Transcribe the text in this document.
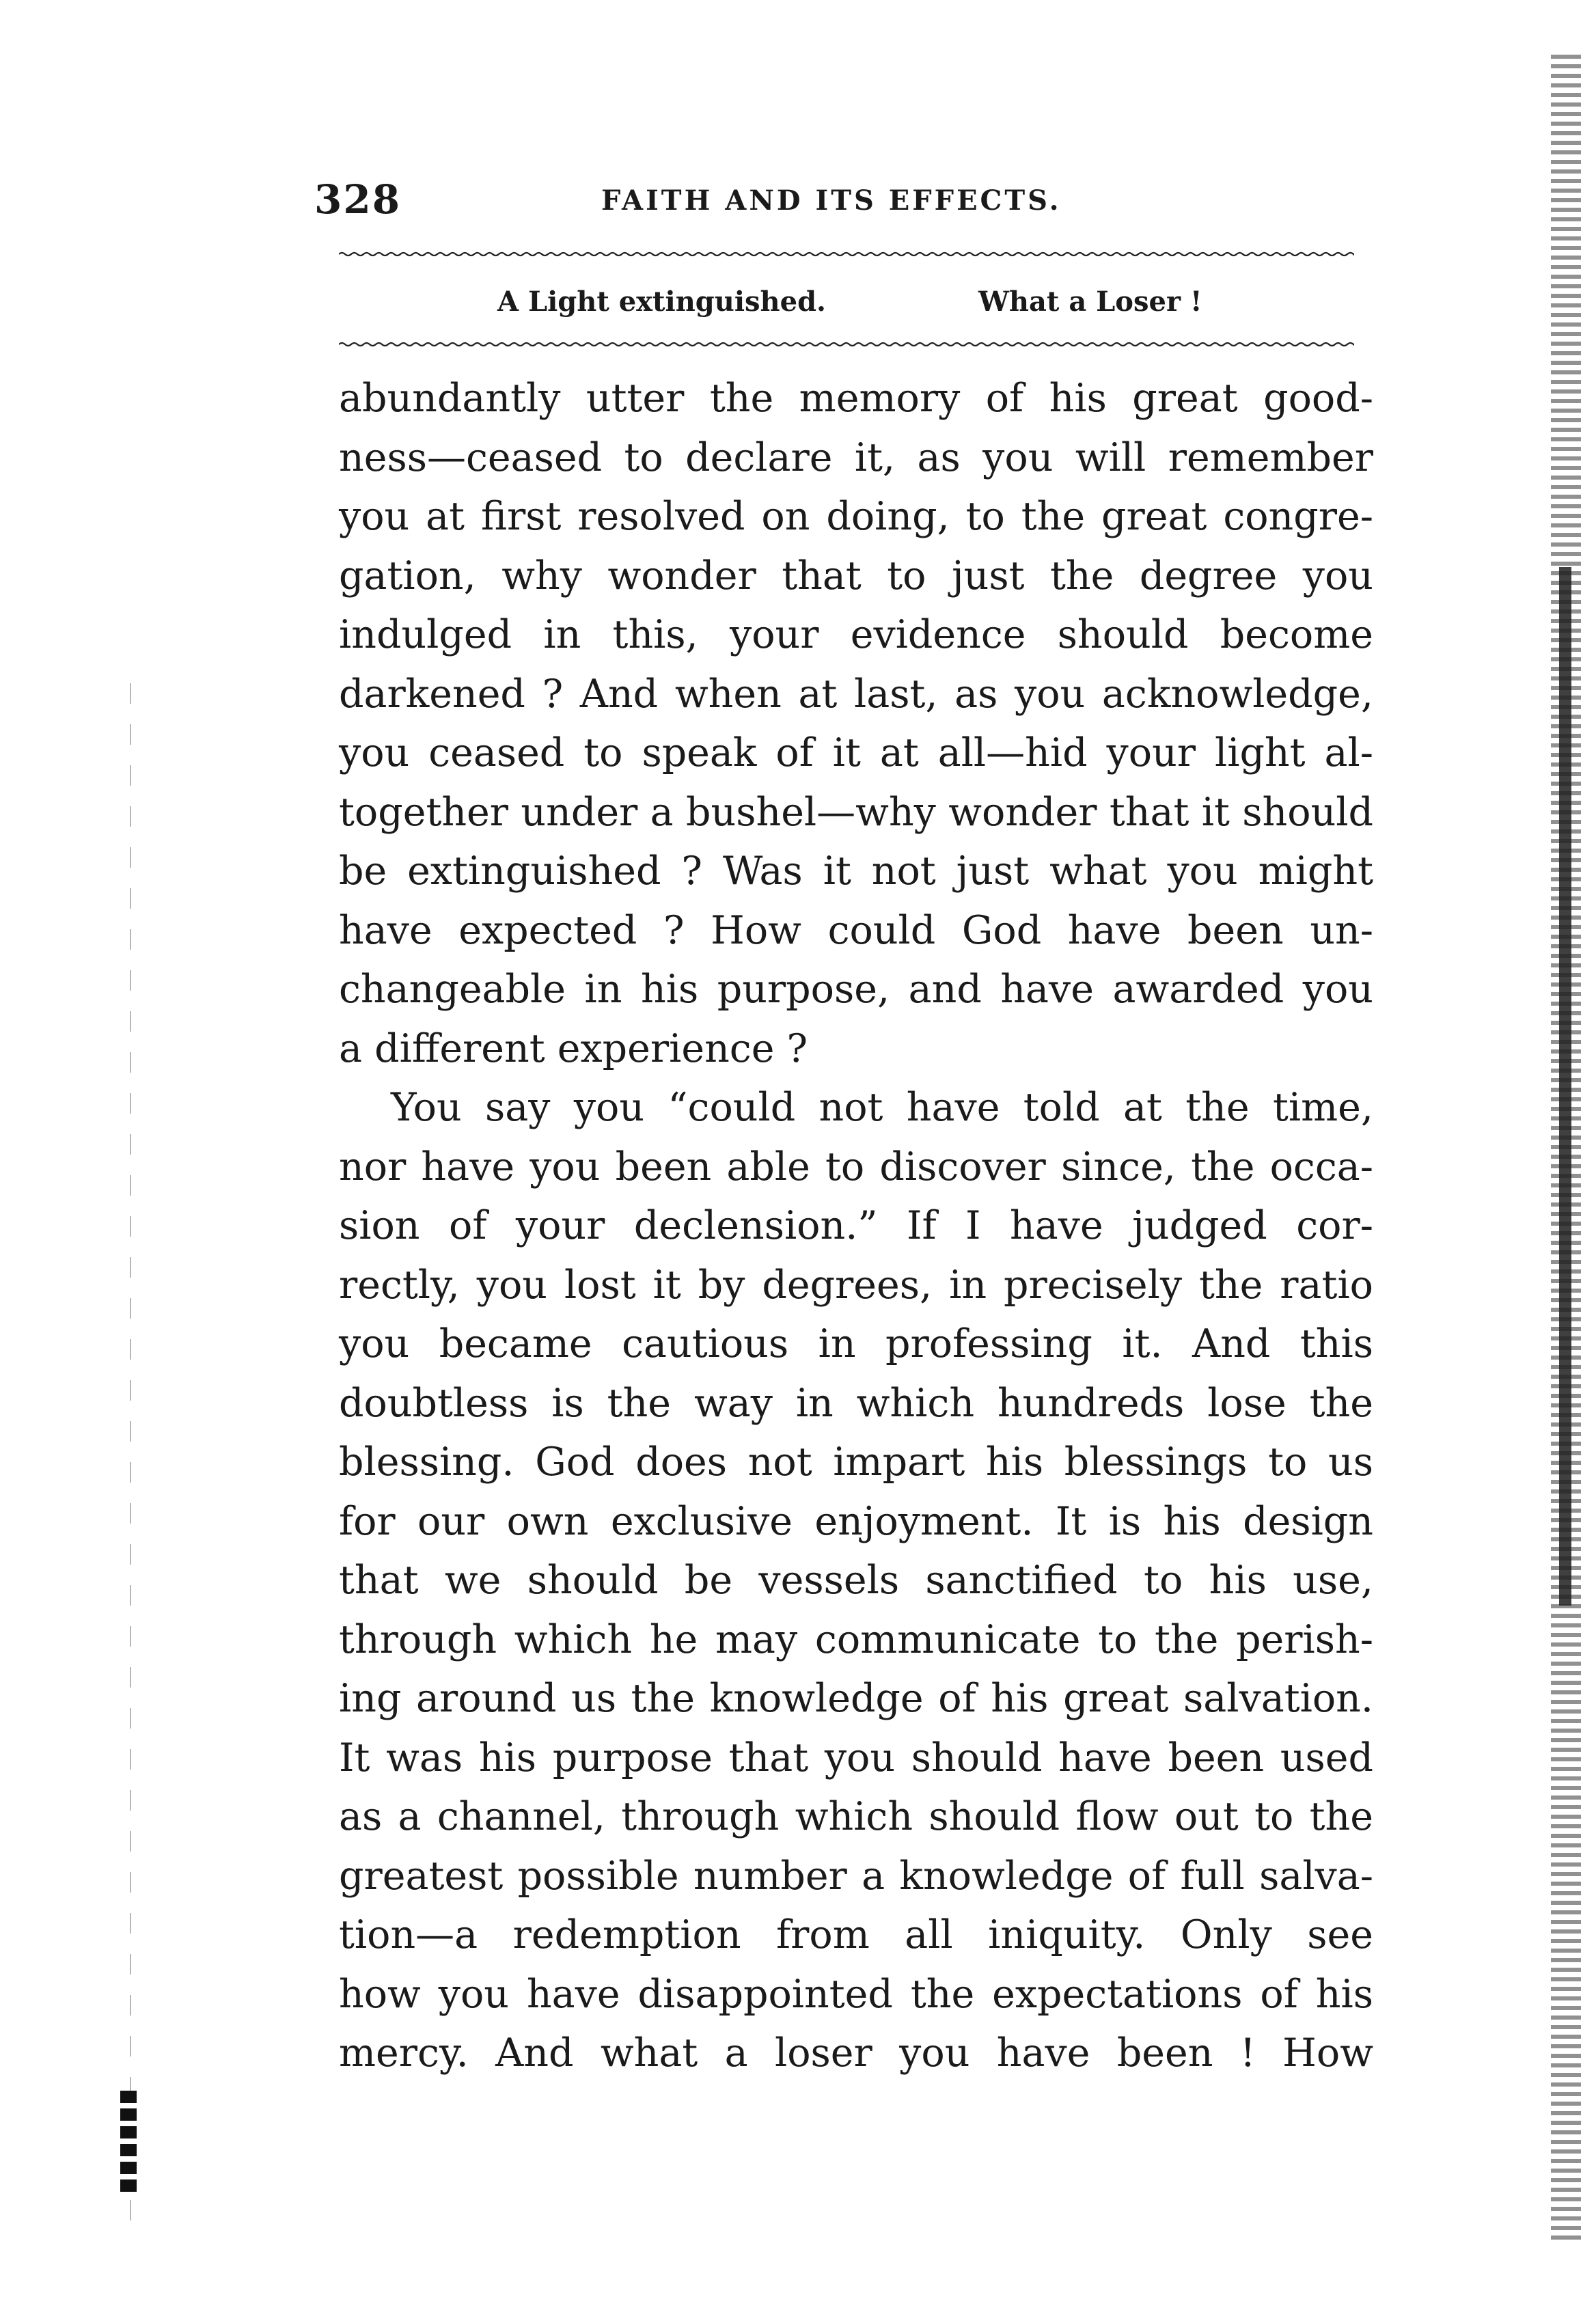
328	FAITH AND ITS EFFECTS.
A Light extinguished.	What a Loser !
abundantly utter the memory of his great good-
ness—ceased to declare it, as you will remember
you at first resolved on doing, to the great congre-
gation, why wonder that to just the degree you
indulged in this, your evidence should become
darkened ? And when at last, as you acknowledge,
you ceased to speak of it at all—hid your light al-
together under a bushel—why wonder that it should
be extinguished ? Was it not just what you might
have expected ? How could God have been un-
changeable in his purpose, and have awarded you
a different experience ?
You say you “could not have told at the time,
nor have you been able to discover since, the occa-
sion of your declension.” If I have judged cor-
rectly, you lost it by degrees, in precisely the ratio
you became cautious in professing it. And this
doubtless is the way in which hundreds lose the
blessing. God does not impart his blessings to us
for our own exclusive enjoyment. It is his design
that we should be vessels sanctified to his use,
through which he may communicate to the perish-
ing around us the knowledge of his great salvation.
It was his purpose that you should have been used
as a channel, through which should flow out to the
greatest possible number a knowledge of full salva-
tion—a redemption from all iniquity. Only see
how you have disappointed the expectations of his
mercy. And what a loser you have been ! How
